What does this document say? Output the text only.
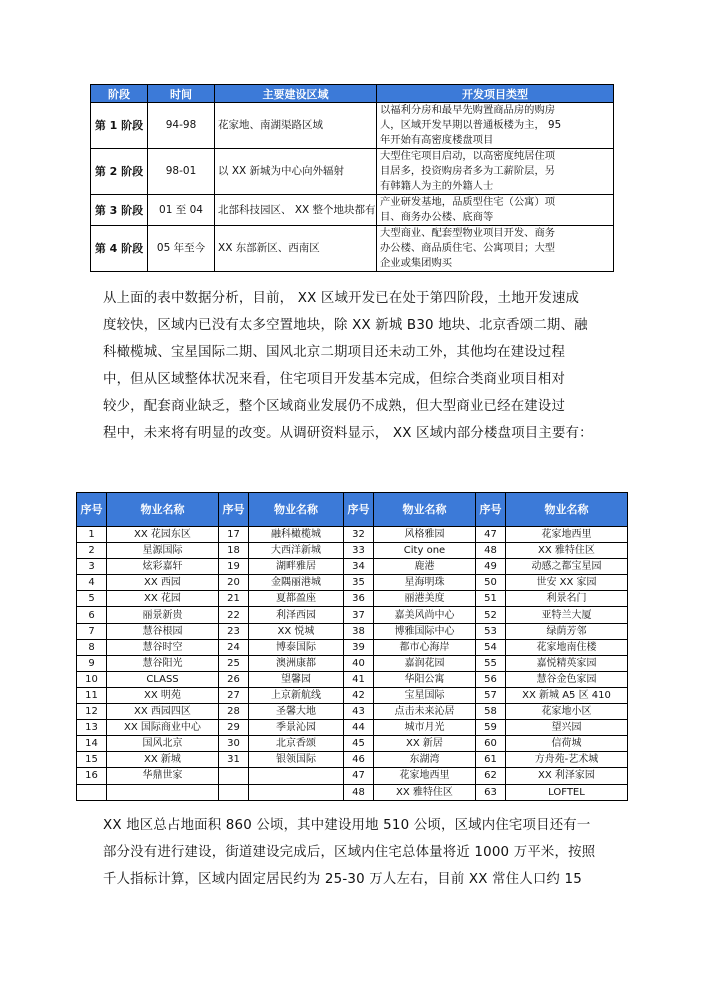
阶段	时间	主要建设区域	开发项目类型
第 1 阶段	94-98	花家地、南湖渠路区域	以福利分房和最早先购置商品房的购房
人，区域开发早期以普通板楼为主， 95
年开始有高密度楼盘项目

第 2 阶段	98-01	以 XX 新城为中心向外辐射	大型住宅项目启动，以高密度纯居住项
目居多，投资购房者多为工薪阶层，另
有韩籍人为主的外籍人士

第 3 阶段	01 至 04	北部科技园区、 XX 整个地块都有	产业研发基地，品质型住宅（公寓）项
目、商务办公楼、底商等

第 4 阶段	05 年至今	XX 东部新区、西南区	大型商业、配套型物业项目开发、商务
办公楼、商品质住宅、公寓项目；大型
企业或集团购买
从上面的表中数据分析，目前， XX 区域开发已在处于第四阶段，土地开发速成
度较快，区域内已没有太多空置地块，除 XX 新城 B30 地块、北京香颂二期、融
科橄榄城、宝星国际二期、国风北京二期项目还未动工外，其他均在建设过程
中，但从区域整体状况来看，住宅项目开发基本完成，但综合类商业项目相对
较少，配套商业缺乏，整个区域商业发展仍不成熟，但大型商业已经在建设过
程中，未来将有明显的改变。从调研资料显示， XX 区域内部分楼盘项目主要有：
序号	物业名称	序号	物业名称	序号	物业名称	序号	物业名称
1	XX 花园东区	17	融科橄榄城	32	风格雅园	47	花家地西里
2	星源国际	18	大西洋新城	33	City one	48	XX 雅特住区
3	炫彩嘉轩	19	湖畔雅居	34	鹿港	49	动感之都宝星园
4	XX 西园	20	金隅丽港城	35	星海明珠	50	世安 XX 家园
5	XX 花园	21	夏都盈座	36	丽港美度	51	利景名门
6	丽景新贵	22	利泽西园	37	嘉美风尚中心	52	亚特兰大厦
7	慧谷根园	23	XX 悦城	38	博雅国际中心	53	绿荫芳邻
8	慧谷时空	24	博泰国际	39	都市心海岸	54	花家地南住楼
9	慧谷阳光	25	澳洲康都	40	嘉润花园	55	嘉悦精英家园
10	CLASS	26	望馨园	41	华阳公寓	56	慧谷金色家园
11	XX 明苑	27	上京新航线	42	宝星国际	57	XX 新城 A5 区 410
12	XX 西园四区	28	圣馨大地	43	点击未来沁居	58	花家地小区
13	XX 国际商业中心	29	季景沁园	44	城市月光	59	望兴园
14	国风北京	30	北京香颂	45	XX 新居	60	信荷城
15	XX 新城	31	银领国际	46	东湖湾	61	方舟苑-艺术城
16	华鼎世家			47	花家地西里	62	XX 利泽家园
				48	XX 雅特住区	63	LOFTEL
XX 地区总占地面积 860 公顷，其中建设用地 510 公顷，区域内住宅项目还有一
部分没有进行建设，街道建设完成后，区域内住宅总体量将近 1000 万平米，按照
千人指标计算，区域内固定居民约为 25-30 万人左右，目前 XX 常住人口约 15
